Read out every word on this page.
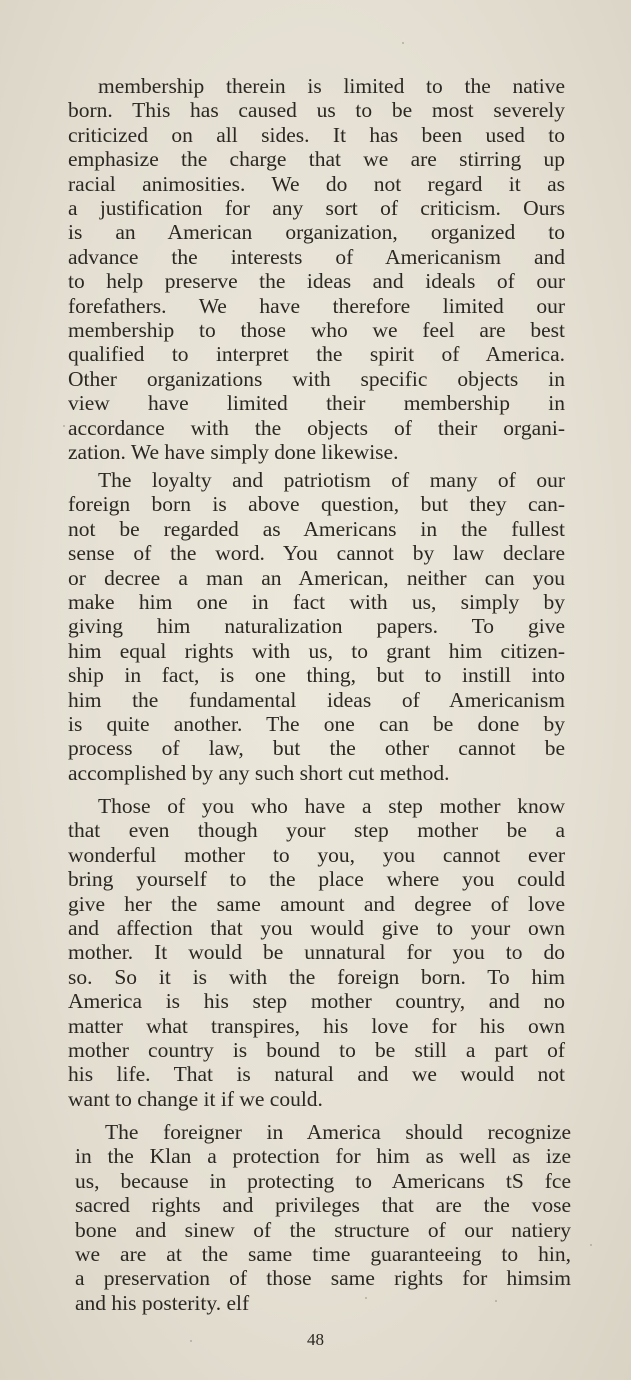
membership therein is limited to the native
born. This has caused us to be most severely
criticized on all sides. It has been used to
emphasize the charge that we are stirring up
racial animosities. We do not regard it as
a justification for any sort of criticism. Ours
is an American organization, organized to
advance the interests of Americanism and
to help preserve the ideas and ideals of our
forefathers. We have therefore limited our
membership to those who we feel are best
qualified to interpret the spirit of America.
Other organizations with specific objects in
view have limited their membership in
accordance with the objects of their organi-
zation. We have simply done likewise.
The loyalty and patriotism of many of our
foreign born is above question, but they can-
not be regarded as Americans in the fullest
sense of the word. You cannot by law declare
or decree a man an American, neither can you
make him one in fact with us, simply by
giving him naturalization papers. To give
him equal rights with us, to grant him citizen-
ship in fact, is one thing, but to instill into
him the fundamental ideas of Americanism
is quite another. The one can be done by
process of law, but the other cannot be
accomplished by any such short cut method.
Those of you who have a step mother know
that even though your step mother be a
wonderful mother to you, you cannot ever
bring yourself to the place where you could
give her the same amount and degree of love
and affection that you would give to your own
mother. It would be unnatural for you to do
so. So it is with the foreign born. To him
America is his step mother country, and no
matter what transpires, his love for his own
mother country is bound to be still a part of
his life. That is natural and we would not
want to change it if we could.
The foreigner in America should recognize
in the Klan a protection for him as well as ize
us, because in protecting to Americans tS fce
sacred rights and privileges that are the vose
bone and sinew of the structure of our natiery
we are at the same time guaranteeing to hin,
a preservation of those same rights for himsim
and his posterity. elf
48
